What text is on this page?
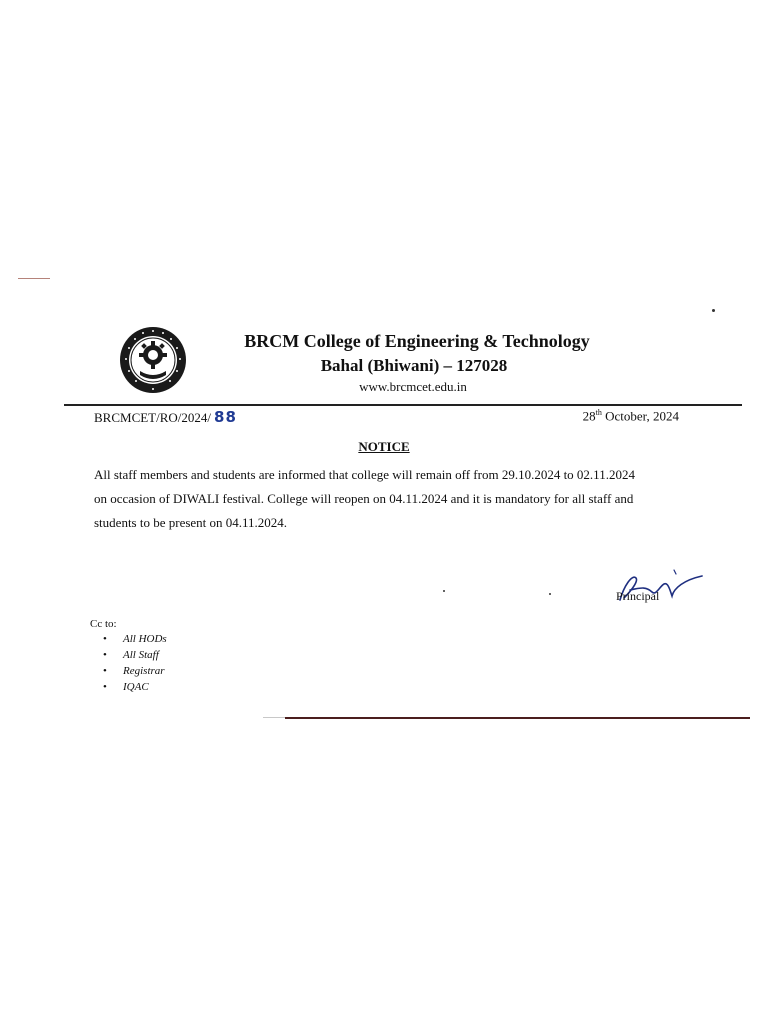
BRCM College of Engineering & Technology
Bahal (Bhiwani) – 127028
www.brcmcet.edu.in
BRCMCET/RO/2024/ 88	28th October, 2024
NOTICE
All staff members and students are informed that college will remain off from 29.10.2024 to 02.11.2024
on occasion of DIWALI festival. College will reopen on 04.11.2024 and it is mandatory for all staff and
students to be present on 04.11.2024.
Principal
Cc to:
• All HODs
• All Staff
• Registrar
• IQAC
